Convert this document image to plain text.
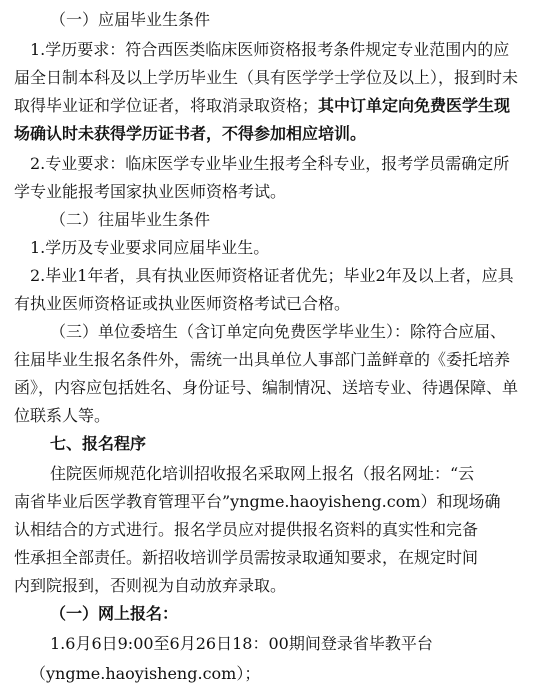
（一）应届毕业生条件
1.学历要求：符合西医类临床医师资格报考条件规定专业范围内的应
届全日制本科及以上学历毕业生（具有医学学士学位及以上），报到时未
取得毕业证和学位证者，将取消录取资格；其中订单定向免费医学生现
场确认时未获得学历证书者，不得参加相应培训。
2.专业要求：临床医学专业毕业生报考全科专业，报考学员需确定所
学专业能报考国家执业医师资格考试。
（二）往届毕业生条件
1.学历及专业要求同应届毕业生。
2.毕业1年者，具有执业医师资格证者优先；毕业2年及以上者，应具
有执业医师资格证或执业医师资格考试已合格。
（三）单位委培生（含订单定向免费医学毕业生）：除符合应届、
往届毕业生报名条件外，需统一出具单位人事部门盖鲜章的《委托培养
函》，内容应包括姓名、身份证号、编制情况、送培专业、待遇保障、单
位联系人等。
七、报名程序
住院医师规范化培训招收报名采取网上报名（报名网址：“云
南省毕业后医学教育管理平台”yngme.haoyisheng.com）和现场确
认相结合的方式进行。报名学员应对提供报名资料的真实性和完备
性承担全部责任。新招收培训学员需按录取通知要求，在规定时间
内到院报到，否则视为自动放弃录取。
（一）网上报名：
1.6月6日9:00至6月26日18：00期间登录省毕教平台
（yngme.haoyisheng.com）；
